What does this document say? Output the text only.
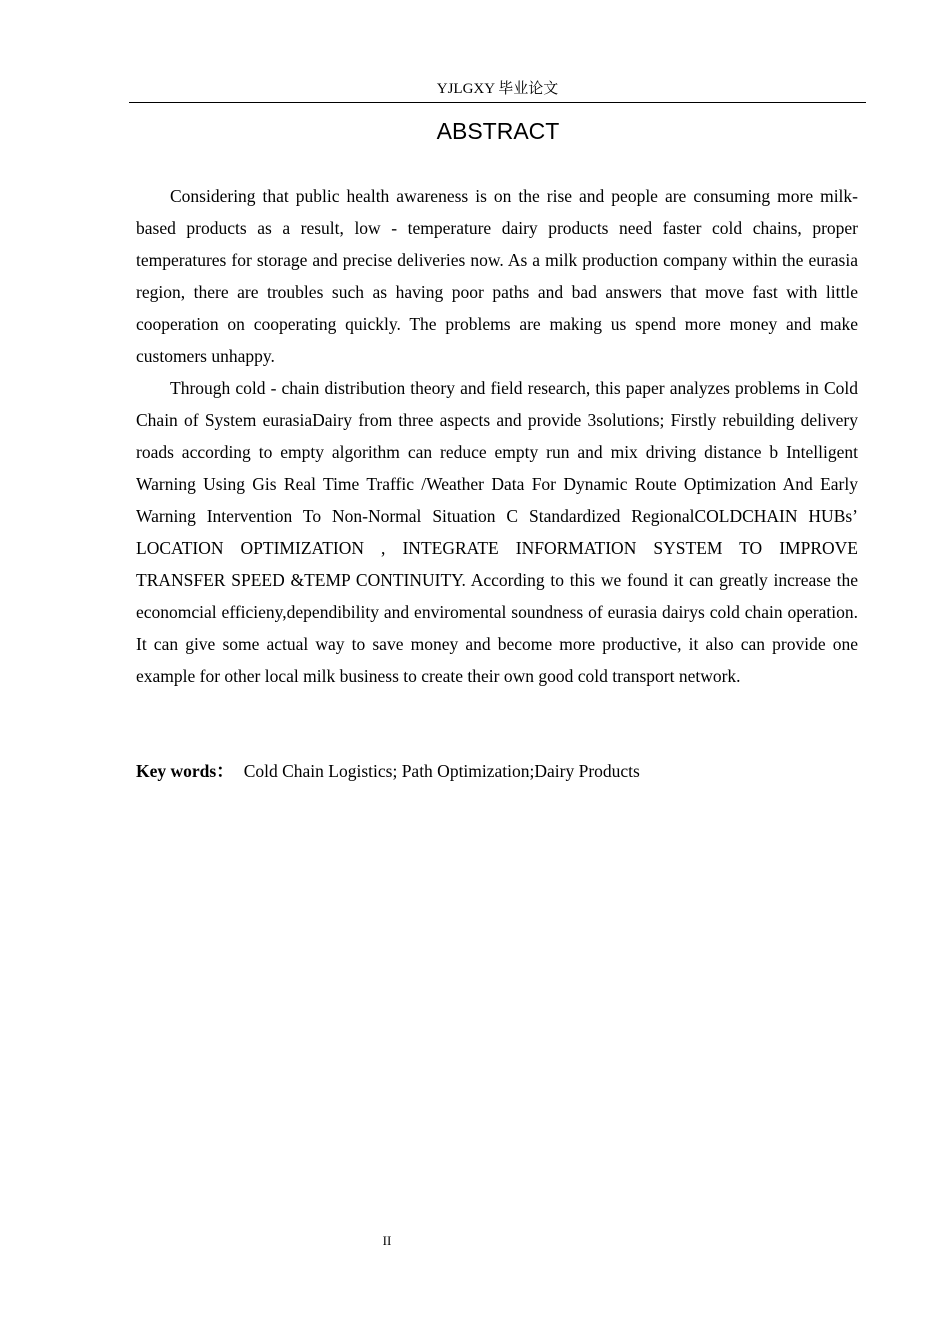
YJLGXY 毕业论文
ABSTRACT

Considering that public health awareness is on the rise and people are consuming more milk-based products as a result, low - temperature dairy products need faster cold chains, proper temperatures for storage and precise deliveries now. As a milk production company within the eurasia region, there are troubles such as having poor paths and bad answers that move fast with little cooperation on cooperating quickly. The problems are making us spend more money and make customers unhappy.

Through cold - chain distribution theory and field research, this paper analyzes problems in Cold Chain of System eurasiaDairy from three aspects and provide 3solutions; Firstly rebuilding delivery roads according to empty algorithm can reduce empty run and mix driving distance b Intelligent Warning Using Gis Real Time Traffic /Weather Data For Dynamic Route Optimization And Early Warning Intervention To Non-Normal Situation C Standardized RegionalCOLDCHAIN HUBs’ LOCATION OPTIMIZATION , INTEGRATE INFORMATION SYSTEM TO IMPROVE TRANSFER SPEED &TEMP CONTINUITY. According to this we found it can greatly increase the economcial efficieny,dependibility and enviromental soundness of eurasia dairys cold chain operation. It can give some actual way to save money and become more productive, it also can provide one example for other local milk business to create their own good cold transport network.

Key words： Cold Chain Logistics; Path Optimization;Dairy Products
II
